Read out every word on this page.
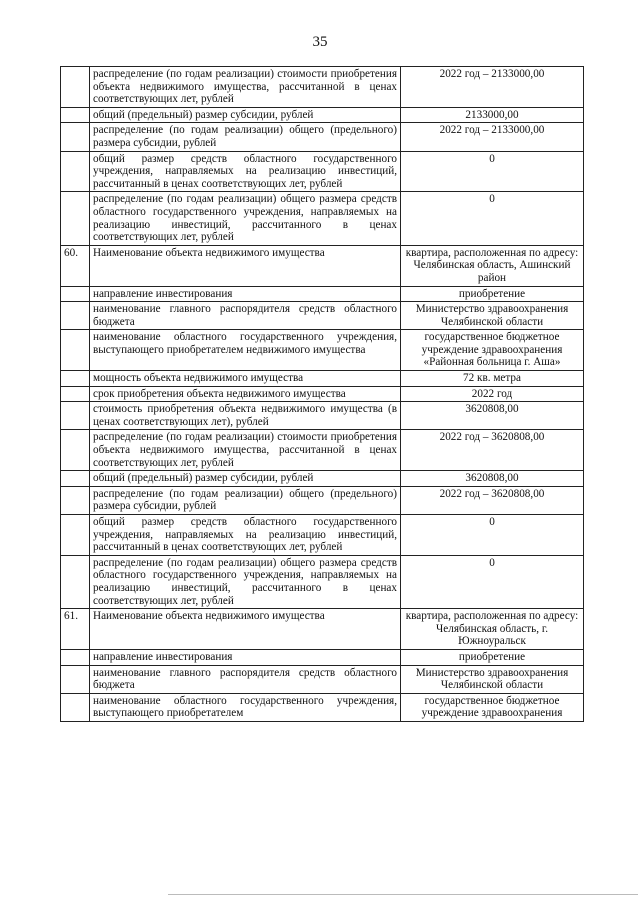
35
	распределение (по годам реализации) стоимости приобретения объекта недвижимого имущества, рассчитанной в ценах соответствующих лет, рублей	2022 год – 2133000,00
	общий (предельный) размер субсидии, рублей	2133000,00
	распределение (по годам реализации) общего (предельного) размера субсидии, рублей	2022 год – 2133000,00
	общий размер средств областного государственного учреждения, направляемых на реализацию инвестиций, рассчитанный в ценах соответствующих лет, рублей	0
	распределение (по годам реализации) общего размера средств областного государственного учреждения, направляемых на реализацию инвестиций, рассчитанного в ценах соответствующих лет, рублей	0
60.	Наименование объекта недвижимого имущества	квартира, расположенная по адресу: Челябинская область, Ашинский район
	направление инвестирования	приобретение
	наименование главного распорядителя средств областного бюджета	Министерство здравоохранения Челябинской области
	наименование областного государственного учреждения, выступающего приобретателем недвижимого имущества	государственное бюджетное учреждение здравоохранения «Районная больница г. Аша»
	мощность объекта недвижимого имущества	72 кв. метра
	срок приобретения объекта недвижимого имущества	2022 год
	стоимость приобретения объекта недвижимого имущества (в ценах соответствующих лет), рублей	3620808,00
	распределение (по годам реализации) стоимости приобретения объекта недвижимого имущества, рассчитанной в ценах соответствующих лет, рублей	2022 год – 3620808,00
	общий (предельный) размер субсидии, рублей	3620808,00
	распределение (по годам реализации) общего (предельного) размера субсидии, рублей	2022 год – 3620808,00
	общий размер средств областного государственного учреждения, направляемых на реализацию инвестиций, рассчитанный в ценах соответствующих лет, рублей	0
	распределение (по годам реализации) общего размера средств областного государственного учреждения, направляемых на реализацию инвестиций, рассчитанного в ценах соответствующих лет, рублей	0
61.	Наименование объекта недвижимого имущества	квартира, расположенная по адресу: Челябинская область, г. Южноуральск
	направление инвестирования	приобретение
	наименование главного распорядителя средств областного бюджета	Министерство здравоохранения Челябинской области
	наименование областного государственного учреждения, выступающего приобретателем	государственное бюджетное учреждение здравоохранения
